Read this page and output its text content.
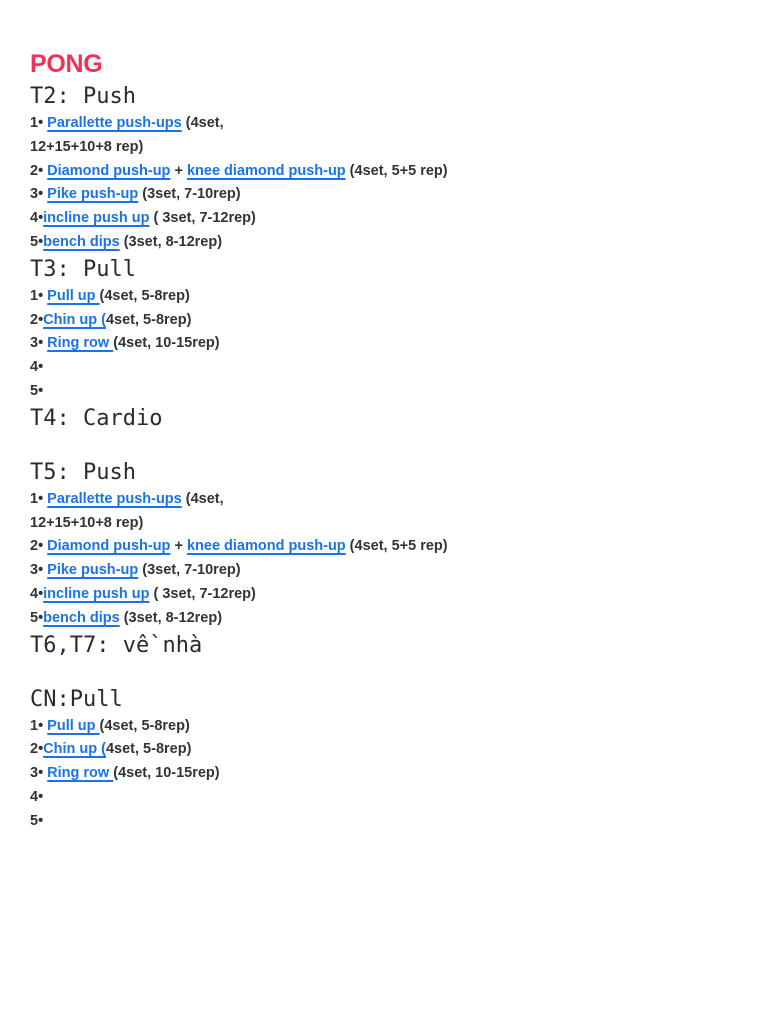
PONG
T2: Push
1• Parallette push-ups (4set,
12+15+10+8 rep)
2• Diamond push-up + knee diamond push-up (4set, 5+5 rep)
3• Pike push-up (3set, 7-10rep)
4•incline push up ( 3set, 7-12rep)
5•bench dips (3set, 8-12rep)
T3: Pull
1• Pull up (4set, 5-8rep)
2•Chin up (4set, 5-8rep)
3• Ring row (4set, 10-15rep)
4•
5•
T4: Cardio
T5: Push
1• Parallette push-ups (4set,
12+15+10+8 rep)
2• Diamond push-up + knee diamond push-up (4set, 5+5 rep)
3• Pike push-up (3set, 7-10rep)
4•incline push up ( 3set, 7-12rep)
5•bench dips (3set, 8-12rep)
T6,T7: về nhà
CN:Pull
1• Pull up (4set, 5-8rep)
2•Chin up (4set, 5-8rep)
3• Ring row (4set, 10-15rep)
4•
5•
